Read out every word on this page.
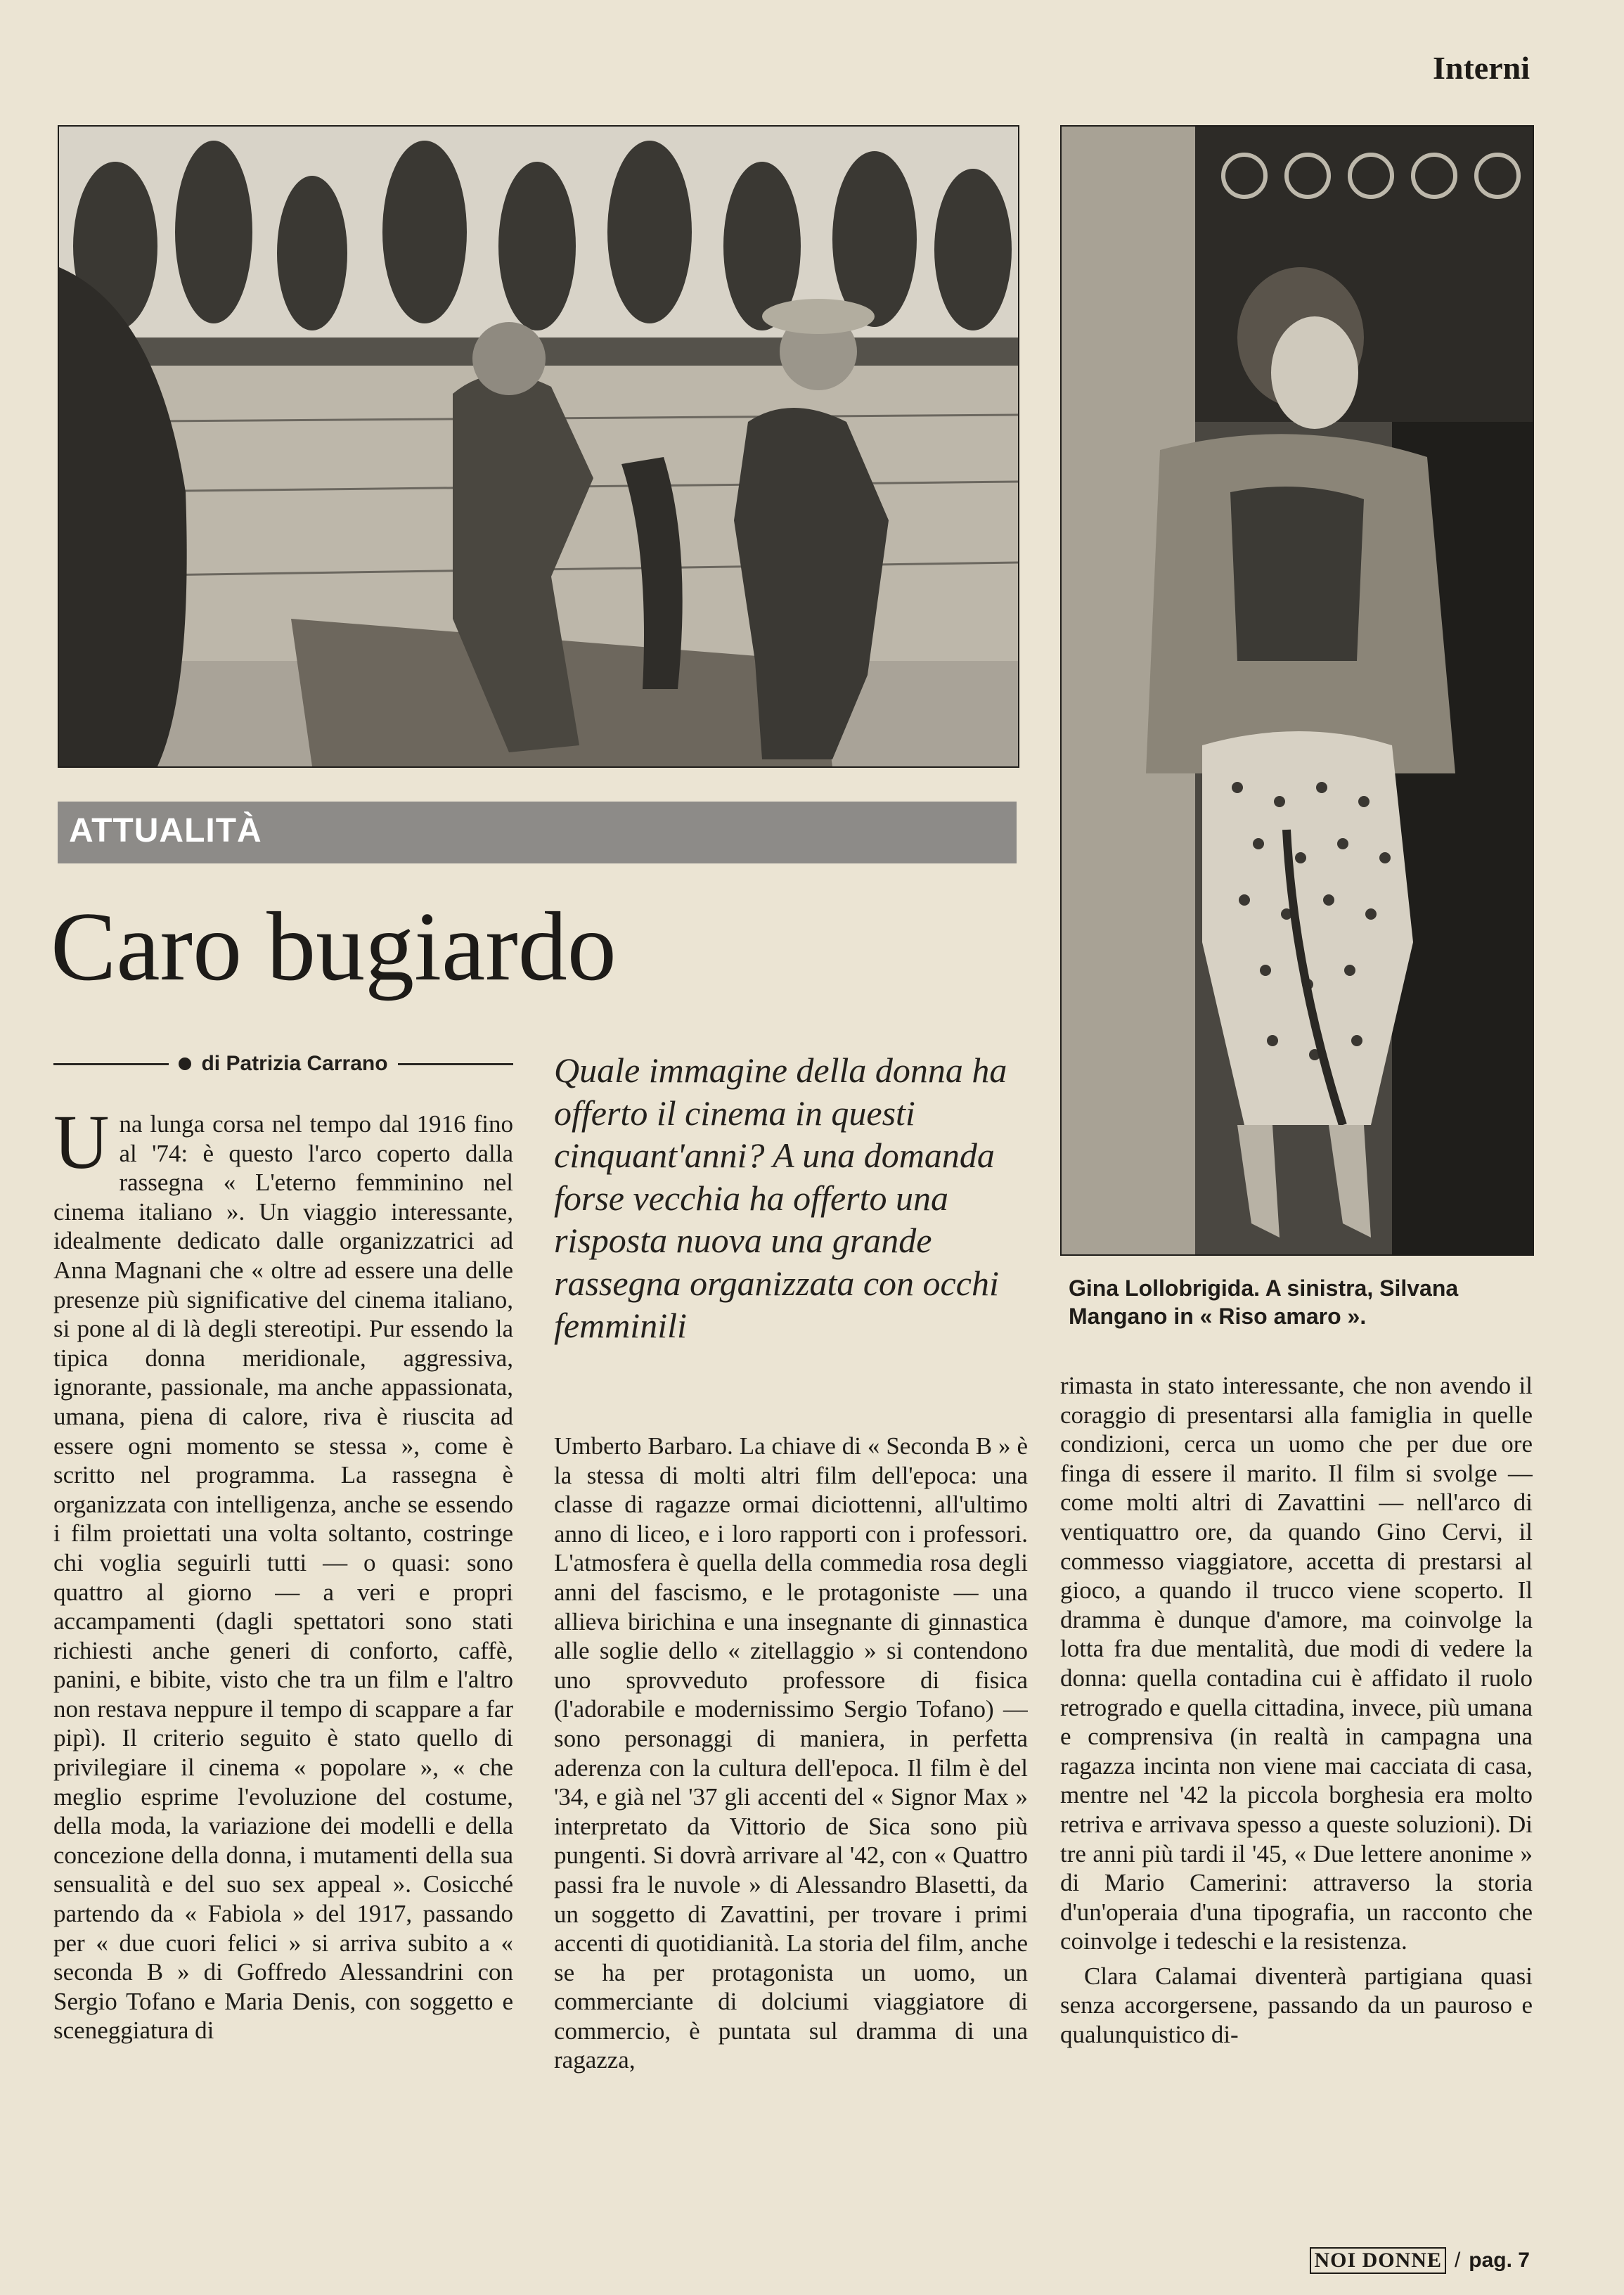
Interni
ATTUALITÀ
Caro bugiardo
di Patrizia Carrano

Una lunga corsa nel tempo dal 1916 fino al '74: è questo l'arco coperto dalla rassegna « L'eterno femminino nel cinema italiano ». Un viaggio interessante, idealmente dedicato dalle organizzatrici ad Anna Magnani che « oltre ad essere una delle presenze più significative del cinema italiano, si pone al di là degli stereotipi. Pur essendo la tipica donna meridionale, aggressiva, ignorante, passionale, ma anche appassionata, umana, piena di calore, riva è riuscita ad essere ogni momento se stessa », come è scritto nel programma. La rassegna è organizzata con intelligenza, anche se essendo i film proiettati una volta soltanto, costringe chi voglia seguirli tutti — o quasi: sono quattro al giorno — a veri e propri accampamenti (dagli spettatori sono stati richiesti anche generi di conforto, caffè, panini, e bibite, visto che tra un film e l'altro non restava neppure il tempo di scappare a far pipì). Il criterio seguito è stato quello di privilegiare il cinema « popolare », « che meglio esprime l'evoluzione del costume, della moda, la variazione dei modelli e della concezione della donna, i mutamenti della sua sensualità e del suo sex appeal ». Cosicché partendo da « Fabiola » del 1917, passando per « due cuori felici » si arriva subito a « seconda B » di Goffredo Alessandrini con Sergio Tofano e Maria Denis, con soggetto e sceneggiatura di

Quale immagine della donna ha offerto il cinema in questi cinquant'anni? A una domanda forse vecchia ha offerto una risposta nuova una grande rassegna organizzata con occhi femminili

Umberto Barbaro. La chiave di « Seconda B » è la stessa di molti altri film dell'epoca: una classe di ragazze ormai diciottenni, all'ultimo anno di liceo, e i loro rapporti con i professori. L'atmosfera è quella della commedia rosa degli anni del fascismo, e le protagoniste — una allieva birichina e una insegnante di ginnastica alle soglie dello « zitellaggio » si contendono uno sprovveduto professore di fisica (l'adorabile e modernissimo Sergio Tofano) — sono personaggi di maniera, in perfetta aderenza con la cultura dell'epoca. Il film è del '34, e già nel '37 gli accenti del « Signor Max » interpretato da Vittorio de Sica sono più pungenti. Si dovrà arrivare al '42, con « Quattro passi fra le nuvole » di Alessandro Blasetti, da un soggetto di Zavattini, per trovare i primi accenti di quotidianità. La storia del film, anche se ha per protagonista un uomo, un commerciante di dolciumi viaggiatore di commercio, è puntata sul dramma di una ragazza,

Gina Lollobrigida. A sinistra, Silvana Mangano in « Riso amaro ».

rimasta in stato interessante, che non avendo il coraggio di presentarsi alla famiglia in quelle condizioni, cerca un uomo che per due ore finga di essere il marito. Il film si svolge — come molti altri di Zavattini — nell'arco di ventiquattro ore, da quando Gino Cervi, il commesso viaggiatore, accetta di prestarsi al gioco, a quando il trucco viene scoperto. Il dramma è dunque d'amore, ma coinvolge la lotta fra due mentalità, due modi di vedere la donna: quella contadina cui è affidato il ruolo retrogrado e quella cittadina, invece, più umana e comprensiva (in realtà in campagna una ragazza incinta non viene mai cacciata di casa, mentre nel '42 la piccola borghesia era molto retriva e arrivava spesso a queste soluzioni). Di tre anni più tardi il '45, « Due lettere anonime » di Mario Camerini: attraverso la storia d'un'operaia d'una tipografia, un racconto che coinvolge i tedeschi e la resistenza.

Clara Calamai diventerà partigiana quasi senza accorgersene, passando da un pauroso e qualunquistico di-

NOI DONNE / pag. 7
